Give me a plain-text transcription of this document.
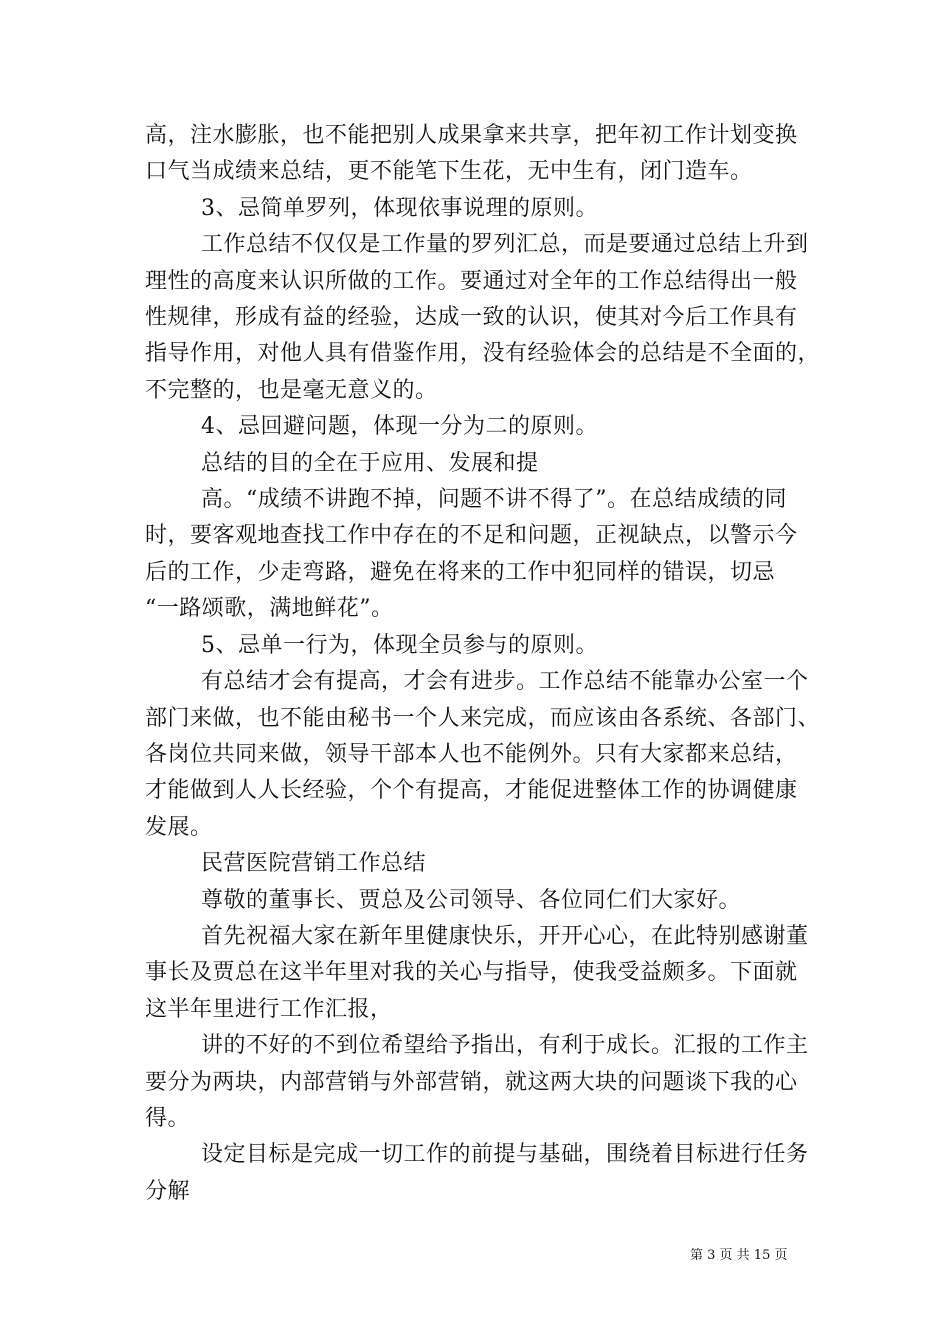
高，注水膨胀，也不能把别人成果拿来共享，把年初工作计划变换

口气当成绩来总结，更不能笔下生花，无中生有，闭门造车。

3、忌简单罗列，体现依事说理的原则。

工作总结不仅仅是工作量的罗列汇总，而是要通过总结上升到

理性的高度来认识所做的工作。要通过对全年的工作总结得出一般

性规律，形成有益的经验，达成一致的认识，使其对今后工作具有

指导作用，对他人具有借鉴作用，没有经验体会的总结是不全面的，

不完整的，也是毫无意义的。

4、忌回避问题，体现一分为二的原则。

总结的目的全在于应用、发展和提

高。“成绩不讲跑不掉，问题不讲不得了”。在总结成绩的同

时，要客观地查找工作中存在的不足和问题，正视缺点，以警示今

后的工作，少走弯路，避免在将来的工作中犯同样的错误，切忌

“一路颂歌，满地鲜花”。

5、忌单一行为，体现全员参与的原则。

有总结才会有提高，才会有进步。工作总结不能靠办公室一个

部门来做，也不能由秘书一个人来完成，而应该由各系统、各部门、

各岗位共同来做，领导干部本人也不能例外。只有大家都来总结，

才能做到人人长经验，个个有提高，才能促进整体工作的协调健康

发展。

民营医院营销工作总结

尊敬的董事长、贾总及公司领导、各位同仁们大家好。

首先祝福大家在新年里健康快乐，开开心心，在此特别感谢董

事长及贾总在这半年里对我的关心与指导，使我受益颇多。下面就

这半年里进行工作汇报，

讲的不好的不到位希望给予指出，有利于成长。汇报的工作主

要分为两块，内部营销与外部营销，就这两大块的问题谈下我的心

得。

设定目标是完成一切工作的前提与基础，围绕着目标进行任务

分解

第 3 页 共 15 页
